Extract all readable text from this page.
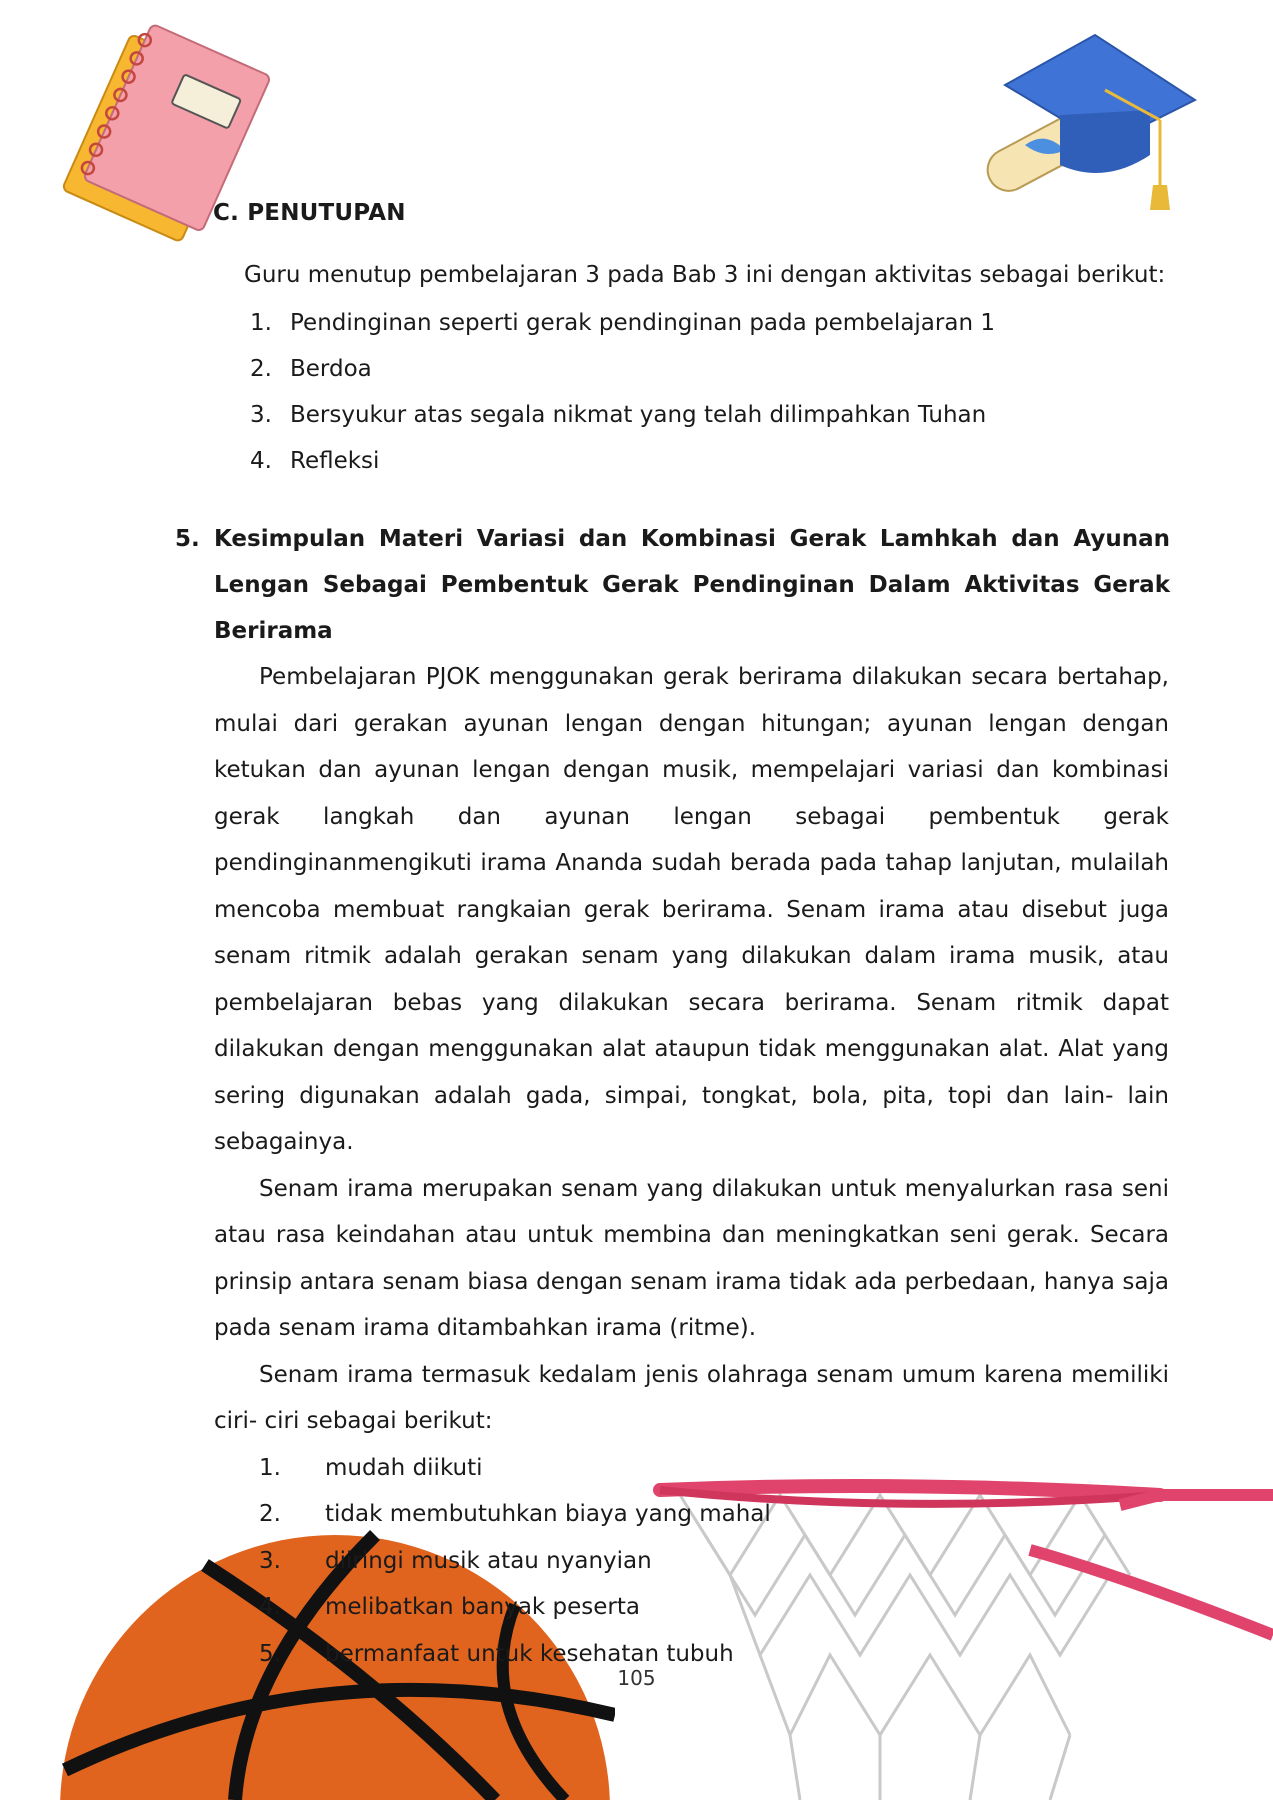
C. PENUTUPAN
Guru menutup pembelajaran 3 pada Bab 3 ini dengan aktivitas sebagai berikut:
1. Pendinginan seperti gerak pendinginan pada pembelajaran 1
2. Berdoa
3. Bersyukur atas segala nikmat yang telah dilimpahkan Tuhan
4. Refleksi
5. Kesimpulan Materi Variasi dan Kombinasi Gerak Lamhkah dan Ayunan Lengan Sebagai Pembentuk Gerak Pendinginan Dalam Aktivitas Gerak Berirama

Pembelajaran PJOK menggunakan gerak berirama dilakukan secara bertahap, mulai dari gerakan ayunan lengan dengan hitungan; ayunan lengan dengan ketukan dan ayunan lengan dengan musik, mempelajari variasi dan kombinasi gerak langkah dan ayunan lengan sebagai pembentuk gerak pendinginanmengikuti irama Ananda sudah berada pada tahap lanjutan, mulailah mencoba membuat rangkaian gerak berirama. Senam irama atau disebut juga senam ritmik adalah gerakan senam yang dilakukan dalam irama musik, atau pembelajaran bebas yang dilakukan secara berirama. Senam ritmik dapat dilakukan dengan menggunakan alat ataupun tidak menggunakan alat. Alat yang sering digunakan adalah gada, simpai, tongkat, bola, pita, topi dan lain- lain sebagainya.

Senam irama merupakan senam yang dilakukan untuk menyalurkan rasa seni atau rasa keindahan atau untuk membina dan meningkatkan seni gerak. Secara prinsip antara senam biasa dengan senam irama tidak ada perbedaan, hanya saja pada senam irama ditambahkan irama (ritme).

Senam irama termasuk kedalam jenis olahraga senam umum karena memiliki ciri- ciri sebagai berikut:

1.	mudah diikuti
2.	tidak membutuhkan biaya yang mahal
3.	diiringi musik atau nyanyian
4.	melibatkan banyak peserta
5.	bermanfaat untuk kesehatan tubuh
105
